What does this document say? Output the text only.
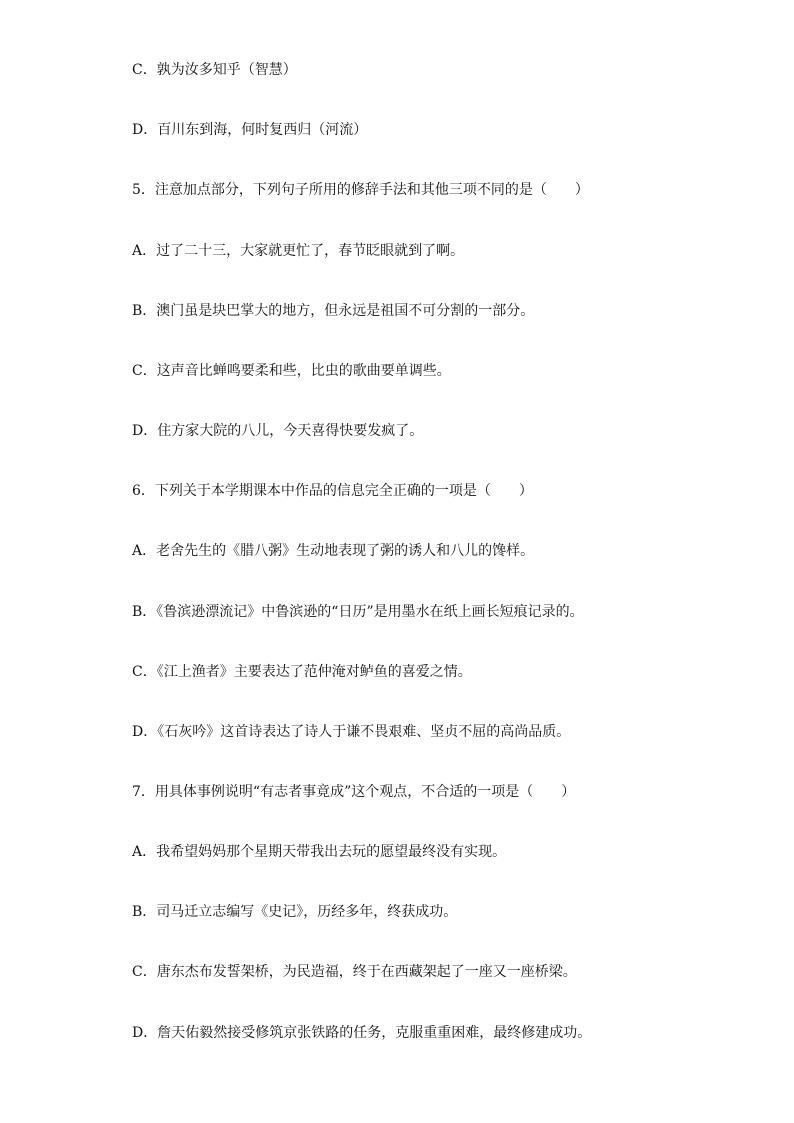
C．孰为汝多知乎（智慧）
D．百川东到海，何时复西归（河流）
5．注意加点部分，下列句子所用的修辞手法和其他三项不同的是（　　）
A．过了二十三，大家就更忙了，春节眨眼就到了啊。
B．澳门虽是块巴掌大的地方，但永远是祖国不可分割的一部分。
C．这声音比蝉鸣要柔和些，比虫的歌曲要单调些。
D．住方家大院的八儿，今天喜得快要发疯了。
6．下列关于本学期课本中作品的信息完全正确的一项是（　　）
A．老舍先生的《腊八粥》生动地表现了粥的诱人和八儿的馋样。
B．《鲁滨逊漂流记》中鲁滨逊的“日历”是用墨水在纸上画长短痕记录的。
C．《江上渔者》主要表达了范仲淹对鲈鱼的喜爱之情。
D．《石灰吟》这首诗表达了诗人于谦不畏艰难、坚贞不屈的高尚品质。
7．用具体事例说明“有志者事竟成”这个观点，不合适的一项是（　　）
A．我希望妈妈那个星期天带我出去玩的愿望最终没有实现。
B．司马迁立志编写《史记》，历经多年，终获成功。
C．唐东杰布发誓架桥，为民造福，终于在西藏架起了一座又一座桥梁。
D．詹天佑毅然接受修筑京张铁路的任务，克服重重困难，最终修建成功。
